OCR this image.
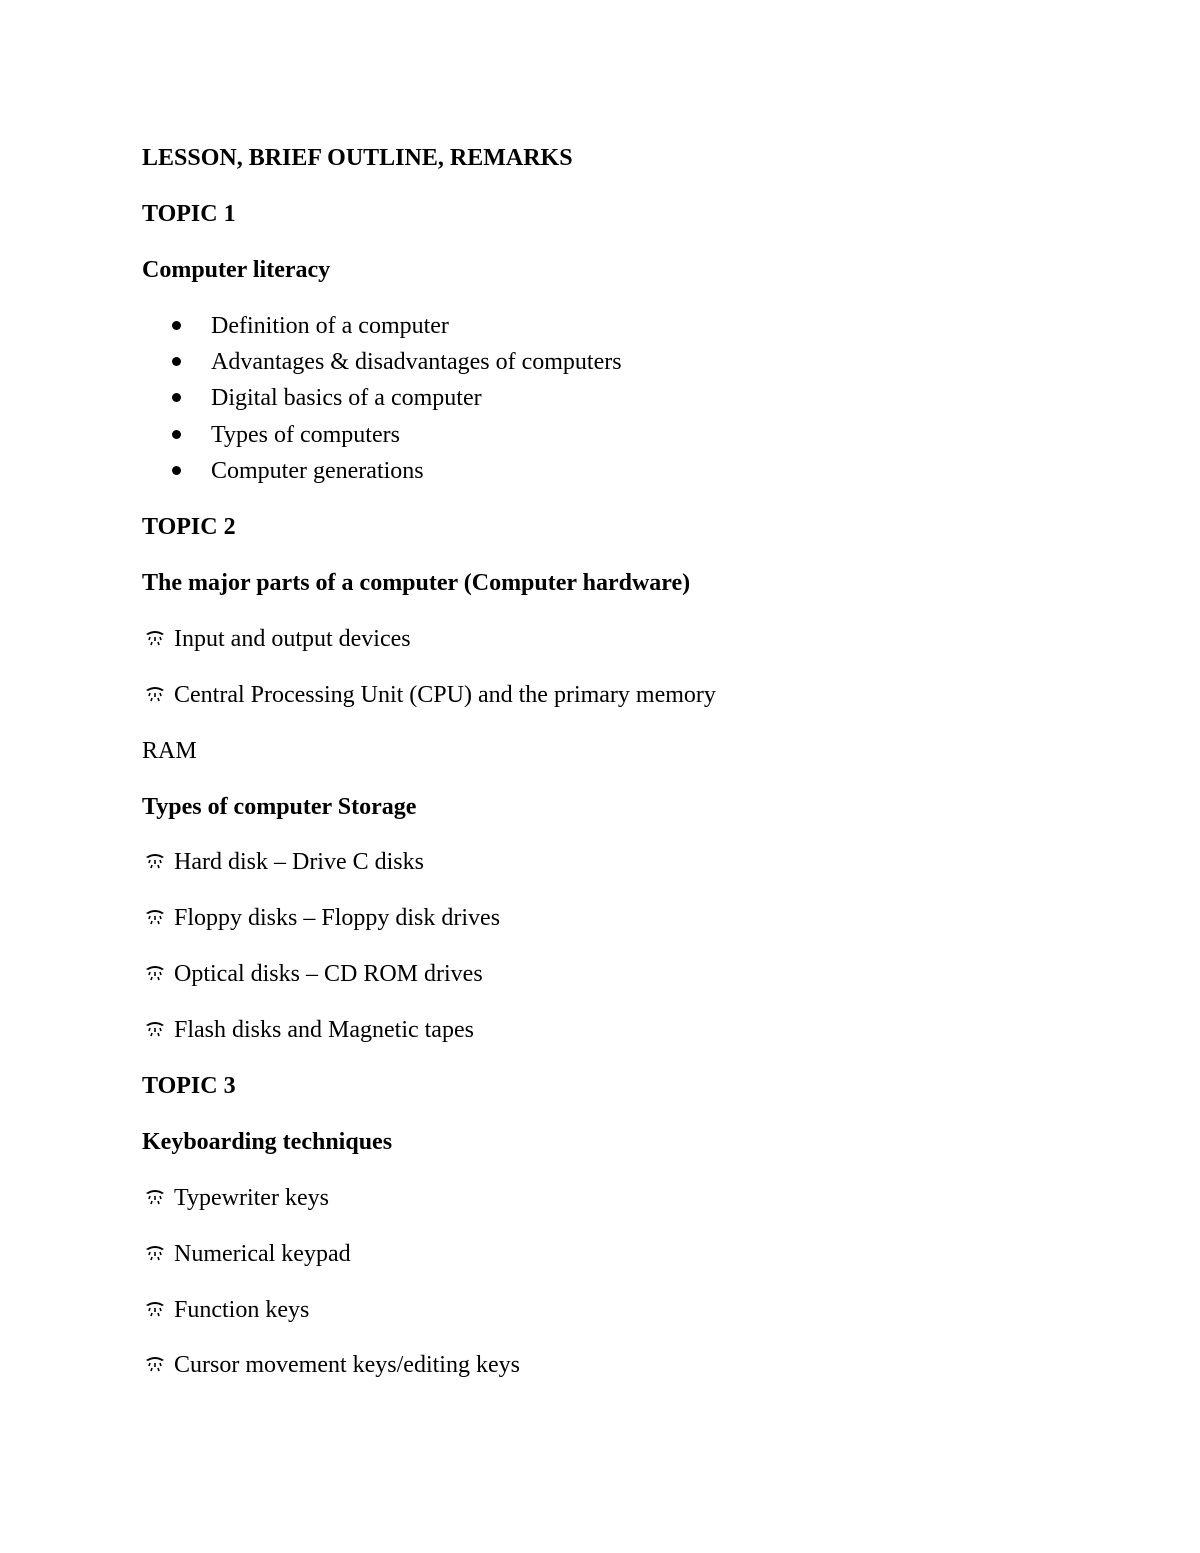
LESSON, BRIEF OUTLINE, REMARKS
TOPIC 1
Computer literacy
Definition of a computer
Advantages & disadvantages of computers
Digital basics of a computer
Types of computers
Computer generations
TOPIC 2
The major parts of a computer (Computer hardware)
Input and output devices
Central Processing Unit (CPU) and the primary memory
RAM
Types of computer Storage
Hard disk – Drive C disks
Floppy disks – Floppy disk drives
Optical disks – CD ROM drives
Flash disks and Magnetic tapes
TOPIC 3
Keyboarding techniques
Typewriter keys
Numerical keypad
Function keys
Cursor movement keys/editing keys
